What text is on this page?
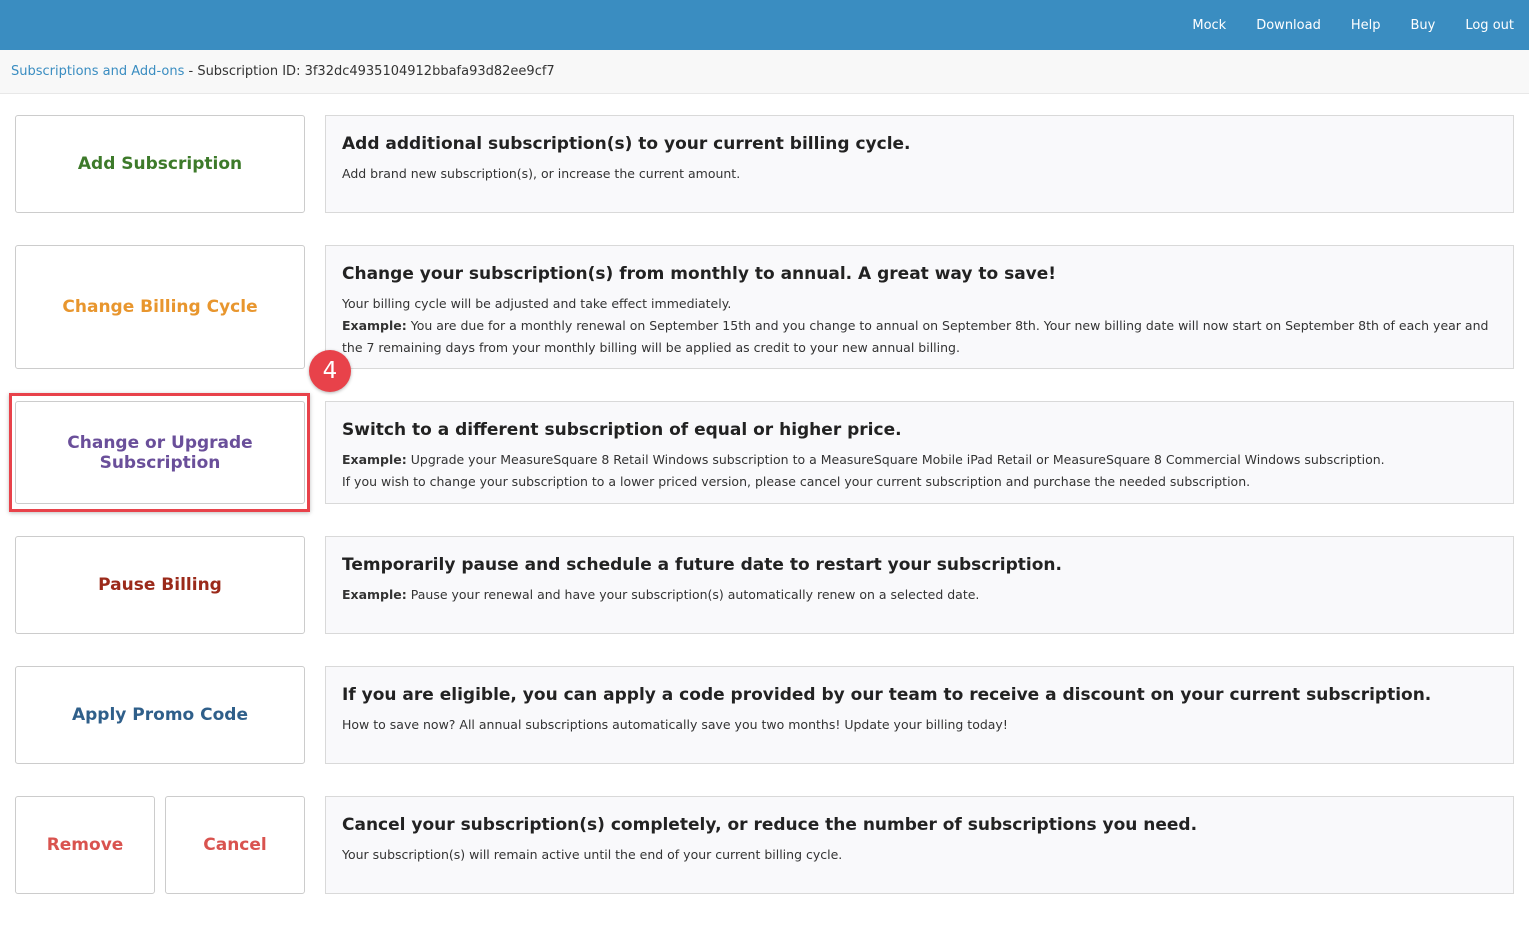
Mock Download Help Buy Log out
Subscriptions and Add-ons - Subscription ID: 3f32dc4935104912bbafa93d82ee9cf7
Add Subscription
Add additional subscription(s) to your current billing cycle.

Add brand new subscription(s), or increase the current amount.

Change Billing Cycle
Change your subscription(s) from monthly to annual. A great way to save!

Your billing cycle will be adjusted and take effect immediately.

Example: You are due for a monthly renewal on September 15th and you change to annual on September 8th. Your new billing date will now start on September 8th of each year and the 7 remaining days from your monthly billing will be applied as credit to your new annual billing.

Change or Upgrade Subscription
Switch to a different subscription of equal or higher price.

Example: Upgrade your MeasureSquare 8 Retail Windows subscription to a MeasureSquare Mobile iPad Retail or MeasureSquare 8 Commercial Windows subscription.

If you wish to change your subscription to a lower priced version, please cancel your current subscription and purchase the needed subscription.

4
Pause Billing
Temporarily pause and schedule a future date to restart your subscription.

Example: Pause your renewal and have your subscription(s) automatically renew on a selected date.

Apply Promo Code
If you are eligible, you can apply a code provided by our team to receive a discount on your current subscription.

How to save now? All annual subscriptions automatically save you two months! Update your billing today!

Remove	Cancel
Cancel your subscription(s) completely, or reduce the number of subscriptions you need.

Your subscription(s) will remain active until the end of your current billing cycle.
